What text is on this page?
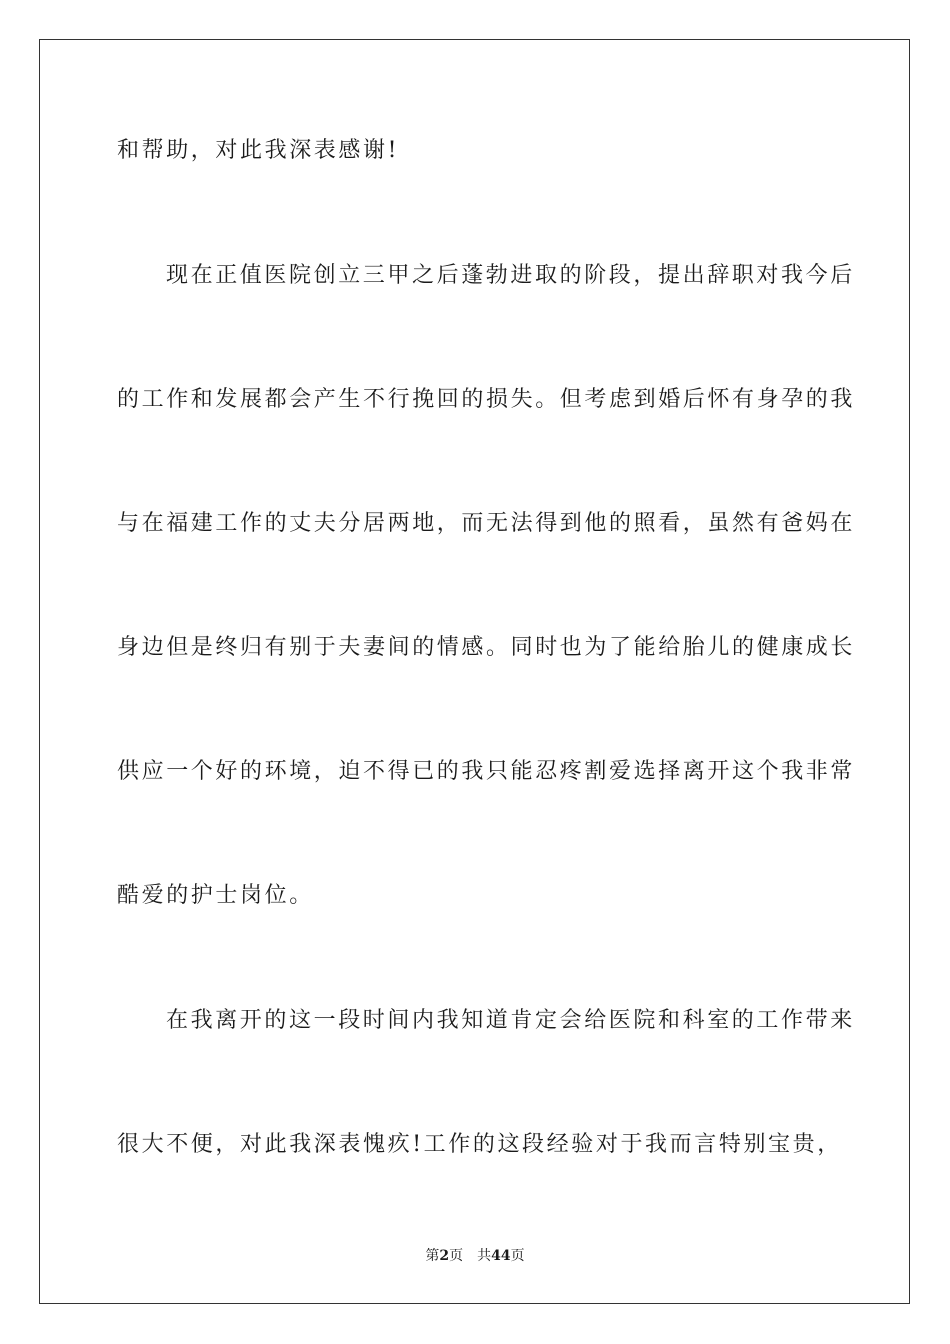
和帮助，对此我深表感谢!
现在正值医院创立三甲之后蓬勃进取的阶段，提出辞职对我今后
的工作和发展都会产生不行挽回的损失。但考虑到婚后怀有身孕的我
与在福建工作的丈夫分居两地，而无法得到他的照看，虽然有爸妈在
身边但是终归有别于夫妻间的情感。同时也为了能给胎儿的健康成长
供应一个好的环境，迫不得已的我只能忍疼割爱选择离开这个我非常
酷爱的护士岗位。
在我离开的这一段时间内我知道肯定会给医院和科室的工作带来
很大不便，对此我深表愧疚!工作的这段经验对于我而言特别宝贵，
第2页 共44页
